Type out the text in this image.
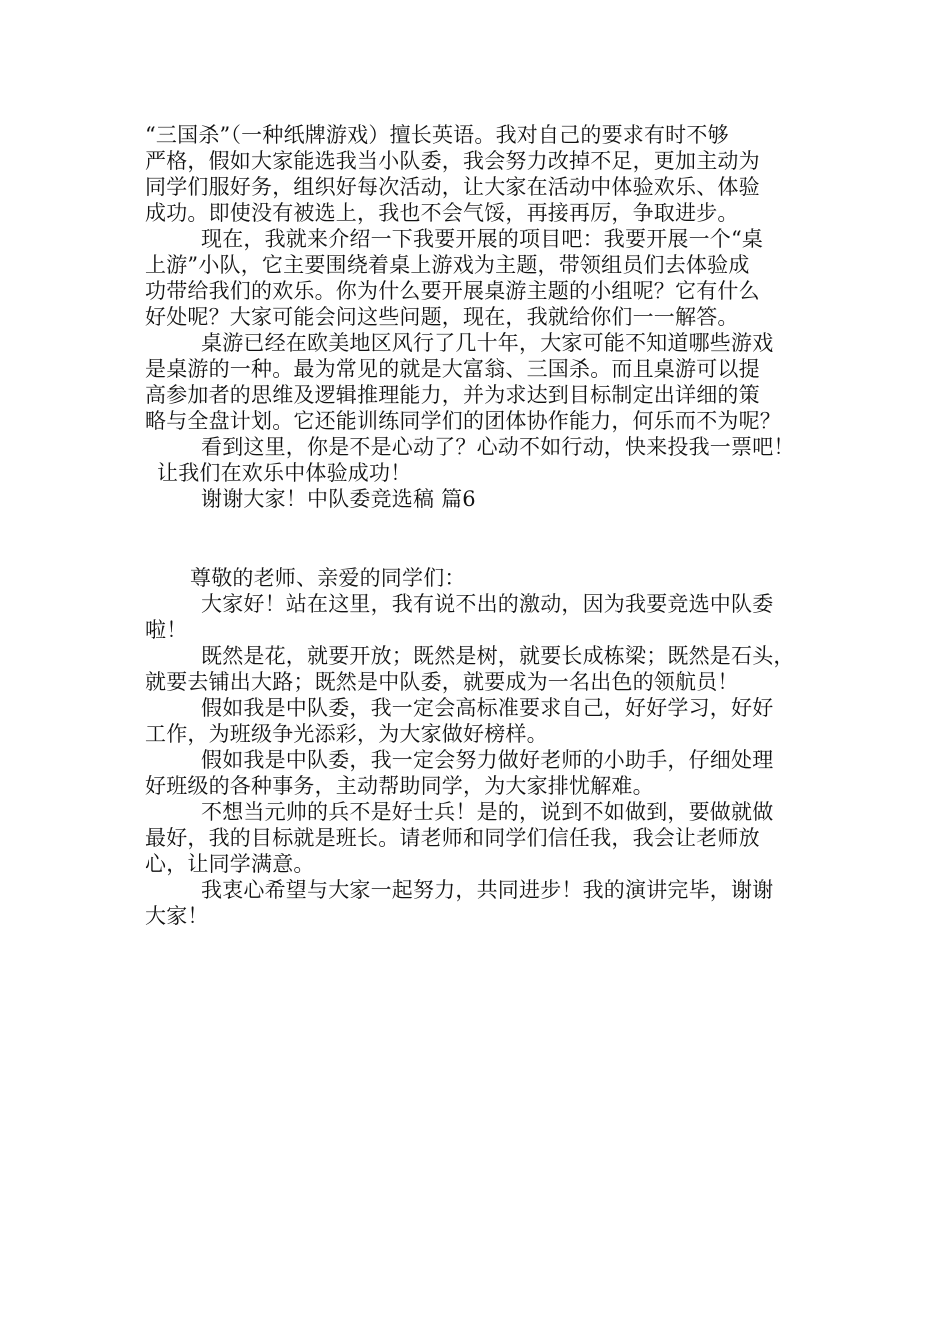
“三国杀”（一种纸牌游戏）擅长英语。我对自己的要求有时不够
严格，假如大家能选我当小队委，我会努力改掉不足，更加主动为
同学们服好务，组织好每次活动，让大家在活动中体验欢乐、体验
成功。即使没有被选上，我也不会气馁，再接再厉，争取进步。
现在，我就来介绍一下我要开展的项目吧：我要开展一个“桌
上游”小队，它主要围绕着桌上游戏为主题，带领组员们去体验成
功带给我们的欢乐。你为什么要开展桌游主题的小组呢？它有什么
好处呢？大家可能会问这些问题，现在，我就给你们一一解答。
桌游已经在欧美地区风行了几十年，大家可能不知道哪些游戏
是桌游的一种。最为常见的就是大富翁、三国杀。而且桌游可以提
高参加者的思维及逻辑推理能力，并为求达到目标制定出详细的策
略与全盘计划。它还能训练同学们的团体协作能力，何乐而不为呢？
看到这里，你是不是心动了？心动不如行动，快来投我一票吧！
让我们在欢乐中体验成功！
谢谢大家！中队委竞选稿 篇6
尊敬的老师、亲爱的同学们：
大家好！站在这里，我有说不出的激动，因为我要竞选中队委
啦！
既然是花，就要开放；既然是树，就要长成栋梁；既然是石头，
就要去铺出大路；既然是中队委，就要成为一名出色的领航员！
假如我是中队委，我一定会高标准要求自己，好好学习，好好
工作，为班级争光添彩，为大家做好榜样。
假如我是中队委，我一定会努力做好老师的小助手，仔细处理
好班级的各种事务，主动帮助同学，为大家排忧解难。
不想当元帅的兵不是好士兵！是的，说到不如做到，要做就做
最好，我的目标就是班长。请老师和同学们信任我，我会让老师放
心，让同学满意。
我衷心希望与大家一起努力，共同进步！我的演讲完毕，谢谢
大家！
